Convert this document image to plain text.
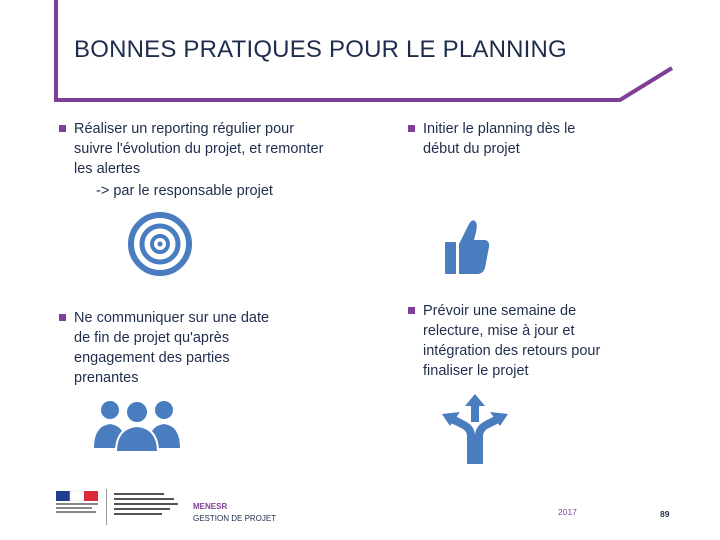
BONNES PRATIQUES POUR LE PLANNING

Réaliser un reporting régulier pour suivre l'évolution du projet, et remonter les alertes

-> par le responsable projet

Initier le planning dès le début du projet

Ne communiquer sur une date de fin de projet qu'après engagement des parties prenantes

Prévoir une semaine de relecture, mise à jour et intégration des retours pour finaliser le projet

MENESR
GESTION DE PROJET
2017	89
